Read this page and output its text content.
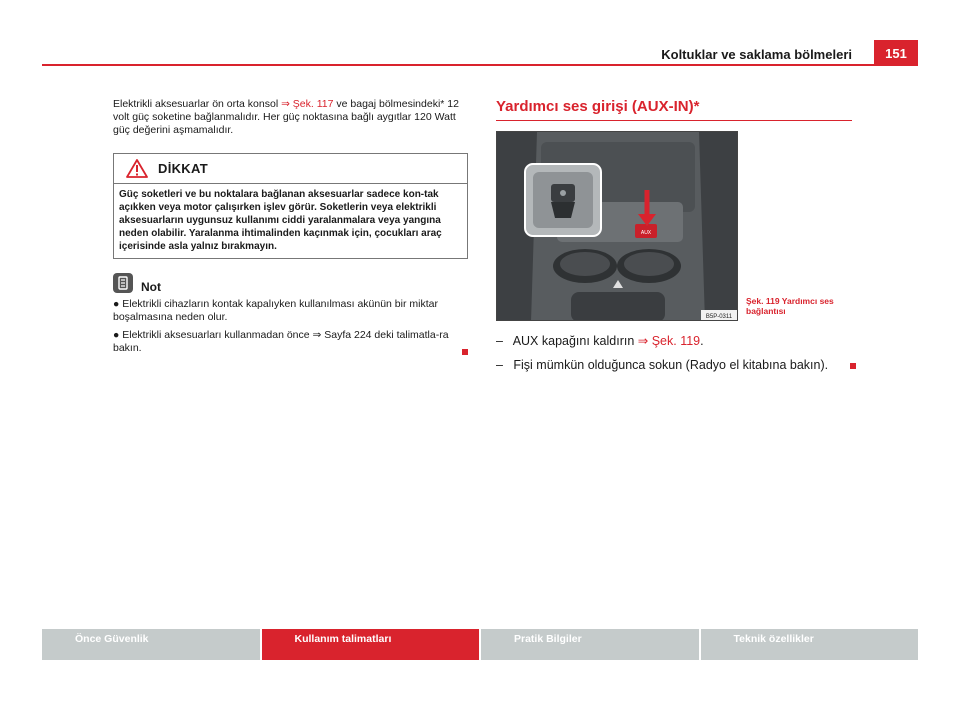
Koltuklar ve saklama bölmeleri	151

Elektrikli aksesuarlar ön orta konsol ⇒ Şek. 117 ve bagaj bölmesindeki* 12 volt güç soketine bağlanmalıdır. Her güç noktasına bağlı aygıtlar 120 Watt güç değerini aşmamalıdır.

DİKKAT
Güç soketleri ve bu noktalara bağlanan aksesuarlar sadece kon-tak açıkken veya motor çalışırken işlev görür. Soketlerin veya elektrikli aksesuarların uygunsuz kullanımı ciddi yaralanmalara veya yangına neden olabilir. Yaralanma ihtimalinden kaçınmak için, çocukları araç içerisinde asla yalnız bırakmayın.
Not

● Elektrikli cihazların kontak kapalıyken kullanılması akünün bir miktar boşalmasına neden olur.

● Elektrikli aksesuarları kullanmadan önce ⇒ Sayfa 224 deki talimatla-ra bakın.

Yardımcı ses girişi (AUX-IN)*
AUX
B5P-0311
Şek. 119 Yardımcı ses bağlantısı

– AUX kapağını kaldırın ⇒ Şek. 119.

– Fişi mümkün olduğunca sokun (Radyo el kitabına bakın).

Önce Güvenlik	Kullanım talimatları	Pratik Bilgiler	Teknik özellikler
